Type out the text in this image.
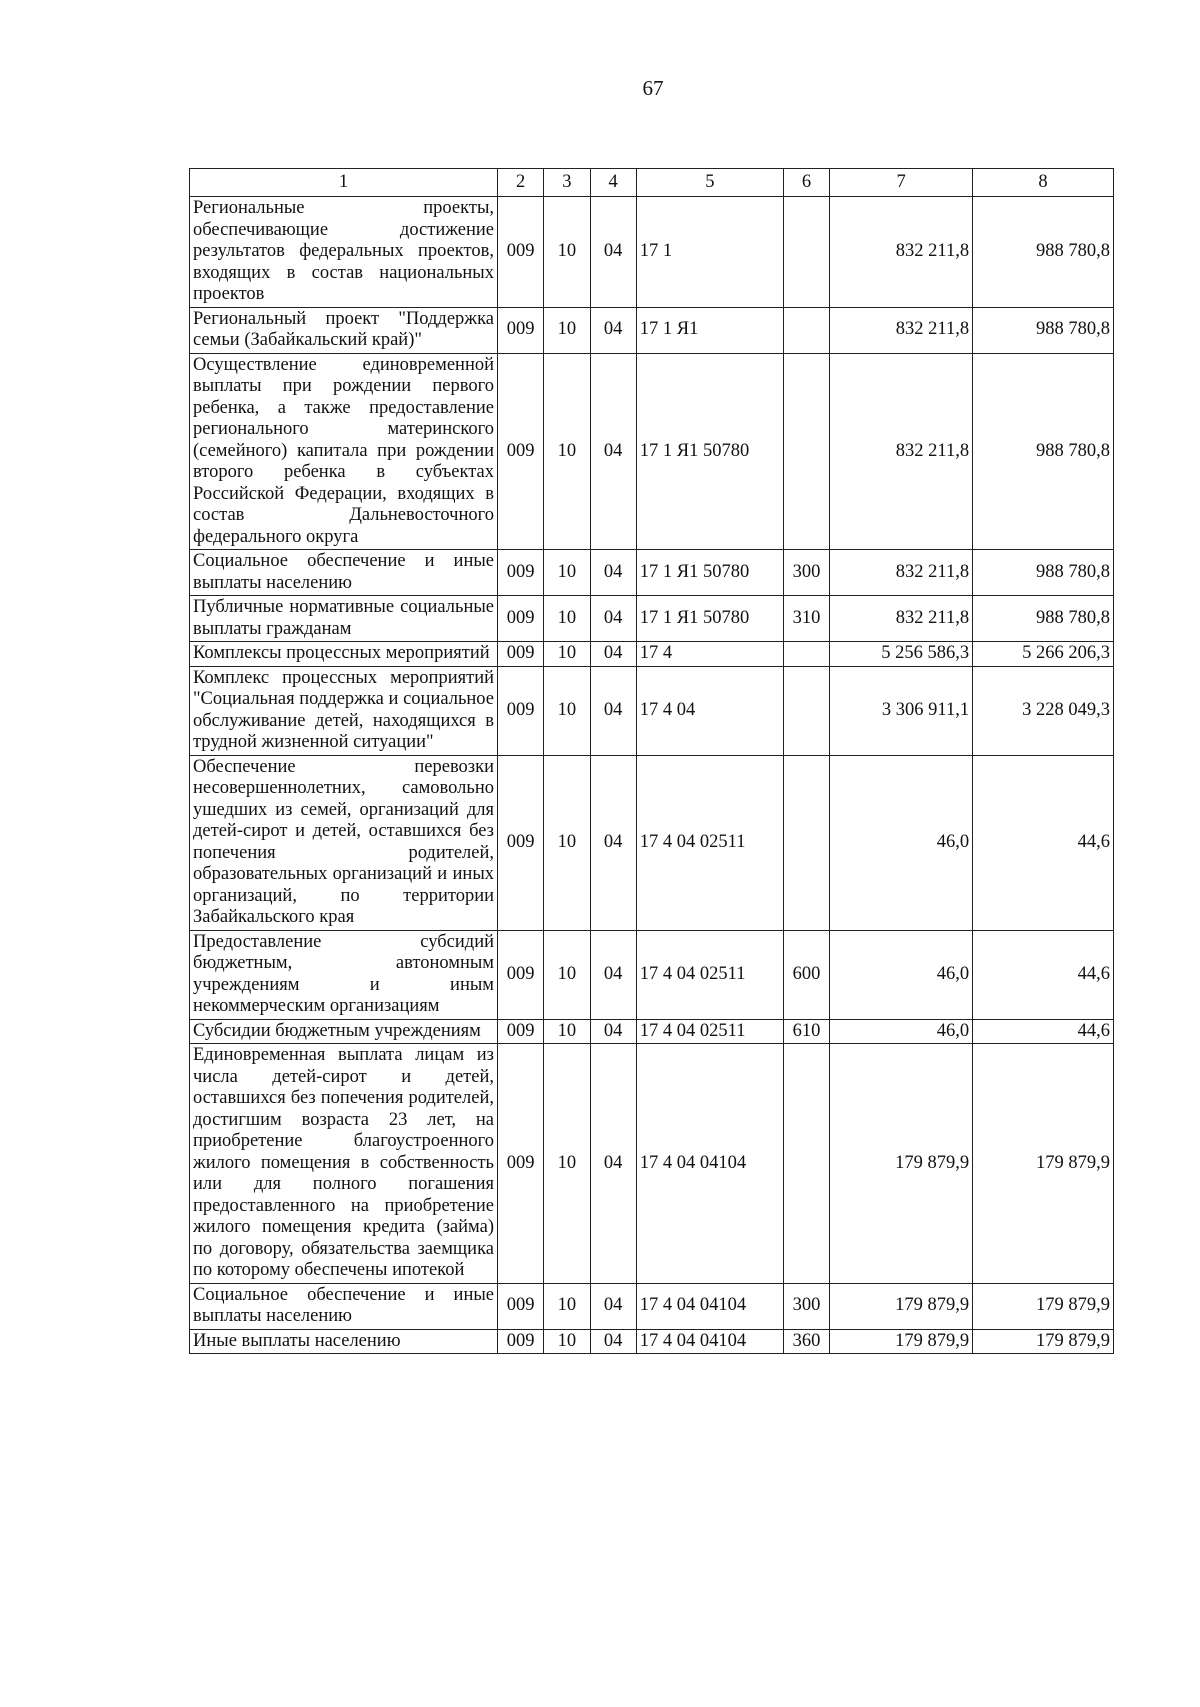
67
1	2	3	4	5	6	7	8
Региональные проекты, обеспечивающие достижение результатов федеральных проектов, входящих в состав национальных проектов	009	10	04	17 1		832 211,8	988 780,8
Региональный проект "Поддержка семьи (Забайкальский край)"	009	10	04	17 1 Я1		832 211,8	988 780,8
Осуществление единовременной выплаты при рождении первого ребенка, а также предоставление регионального материнского (семейного) капитала при рождении второго ребенка в субъектах Российской Федерации, входящих в состав Дальневосточного федерального округа	009	10	04	17 1 Я1 50780		832 211,8	988 780,8
Социальное обеспечение и иные выплаты населению	009	10	04	17 1 Я1 50780	300	832 211,8	988 780,8
Публичные нормативные социальные выплаты гражданам	009	10	04	17 1 Я1 50780	310	832 211,8	988 780,8
Комплексы процессных мероприятий	009	10	04	17 4		5 256 586,3	5 266 206,3
Комплекс процессных мероприятий "Социальная поддержка и социальное обслуживание детей, находящихся в трудной жизненной ситуации"	009	10	04	17 4 04		3 306 911,1	3 228 049,3
Обеспечение перевозки несовершеннолетних, самовольно ушедших из семей, организаций для детей-сирот и детей, оставшихся без попечения родителей, образовательных организаций и иных организаций, по территории Забайкальского края	009	10	04	17 4 04 02511		46,0	44,6
Предоставление субсидий бюджетным, автономным учреждениям и иным некоммерческим организациям	009	10	04	17 4 04 02511	600	46,0	44,6
Субсидии бюджетным учреждениям	009	10	04	17 4 04 02511	610	46,0	44,6
Единовременная выплата лицам из числа детей-сирот и детей, оставшихся без попечения родителей, достигшим возраста 23 лет, на приобретение благоустроенного жилого помещения в собственность или для полного погашения предоставленного на приобретение жилого помещения кредита (займа) по договору, обязательства заемщика по которому обеспечены ипотекой	009	10	04	17 4 04 04104		179 879,9	179 879,9
Социальное обеспечение и иные выплаты населению	009	10	04	17 4 04 04104	300	179 879,9	179 879,9
Иные выплаты населению	009	10	04	17 4 04 04104	360	179 879,9	179 879,9
